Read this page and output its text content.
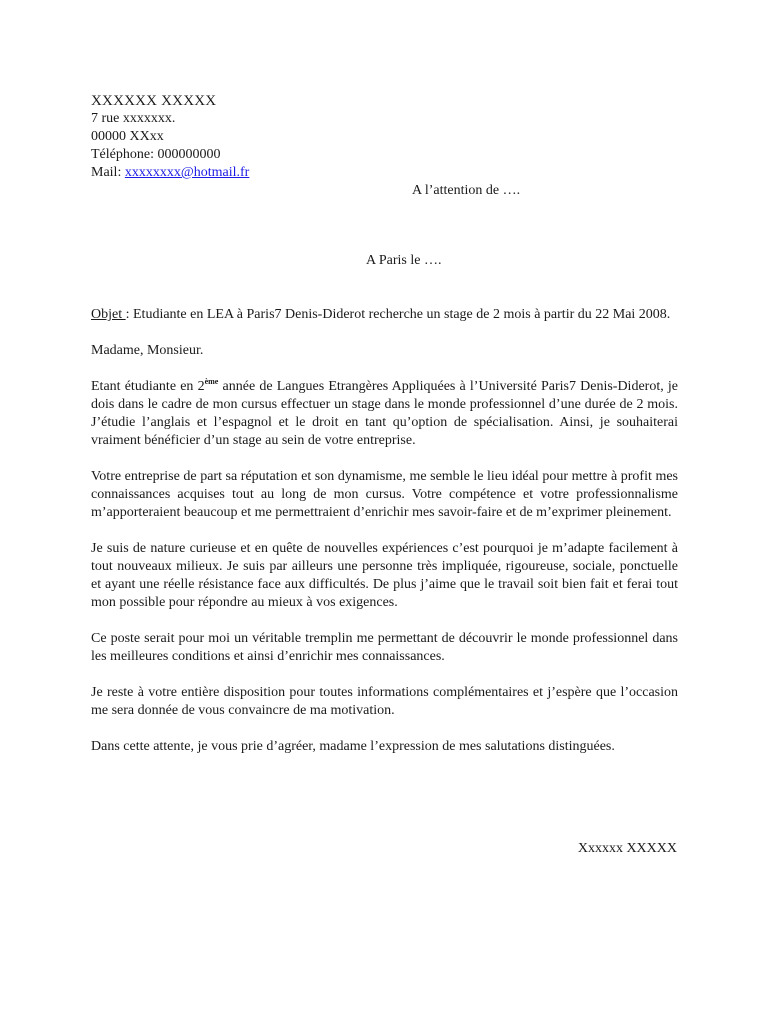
XXXXXX XXXXX
7 rue xxxxxxx.
00000 XXxx
Téléphone: 000000000
Mail: xxxxxxxx@hotmail.fr
A l’attention de ….
A Paris le ….

Objet : Etudiante en LEA à Paris7 Denis-Diderot recherche un stage de 2 mois à partir du 22 Mai 2008.

Madame, Monsieur.

Etant étudiante en 2ème année de Langues Etrangères Appliquées à l’Université Paris7 Denis-Diderot, je dois dans le cadre de mon cursus effectuer un stage dans le monde professionnel d’une durée de 2 mois. J’étudie l’anglais et l’espagnol et le droit en tant qu’option de spécialisation. Ainsi, je souhaiterai vraiment bénéficier d’un stage au sein de votre entreprise.

Votre entreprise de part sa réputation et son dynamisme, me semble le lieu idéal pour mettre à profit mes connaissances acquises tout au long de mon cursus. Votre compétence et votre professionnalisme m’apporteraient beaucoup et me permettraient d’enrichir mes savoir-faire et de m’exprimer pleinement.

Je suis de nature curieuse et en quête de nouvelles expériences c’est pourquoi je m’adapte facilement à tout nouveaux milieux. Je suis par ailleurs une personne très impliquée, rigoureuse, sociale, ponctuelle et ayant une réelle résistance face aux difficultés. De plus j’aime que le travail soit bien fait et ferai tout mon possible pour répondre au mieux à vos exigences.

Ce poste serait pour moi un véritable tremplin me permettant de découvrir le monde professionnel dans les meilleures conditions et ainsi d’enrichir mes connaissances.

Je reste à votre entière disposition pour toutes informations complémentaires et j’espère que l’occasion me sera donnée de vous convaincre de ma motivation.

Dans cette attente, je vous prie d’agréer, madame l’expression de mes salutations distinguées.

Xxxxxx XXXXX
